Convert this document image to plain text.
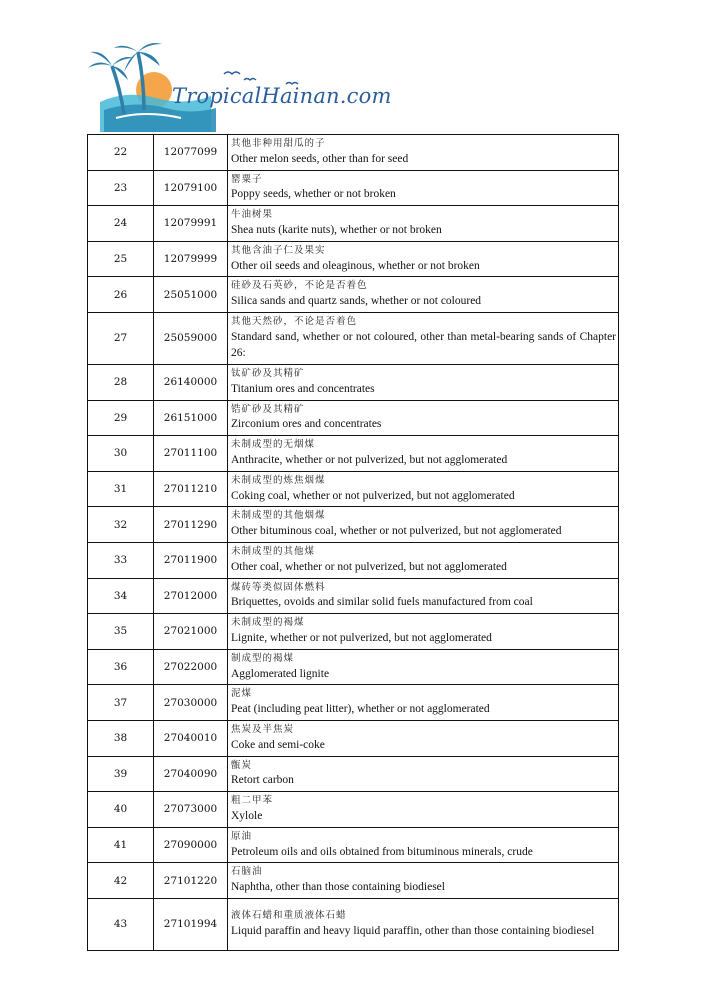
TropicalHainan.com
22	12077099	其他非种用甜瓜的子
Other melon seeds, other than for seed

23	12079100	罂粟子
Poppy seeds, whether or not broken

24	12079991	牛油树果
Shea nuts (karite nuts), whether or not broken

25	12079999	其他含油子仁及果实
Other oil seeds and oleaginous, whether or not broken

26	25051000	硅砂及石英砂，不论是否着色
Silica sands and quartz sands, whether or not coloured

27	25059000	其他天然砂，不论是否着色
Standard sand, whether or not coloured, other than metal-bearing sands of Chapter 26:

28	26140000	钛矿砂及其精矿
Titanium ores and concentrates

29	26151000	锆矿砂及其精矿
Zirconium ores and concentrates

30	27011100	未制成型的无烟煤
Anthracite, whether or not pulverized, but not agglomerated

31	27011210	未制成型的炼焦烟煤
Coking coal, whether or not pulverized, but not agglomerated

32	27011290	未制成型的其他烟煤
Other bituminous coal, whether or not pulverized, but not agglomerated

33	27011900	未制成型的其他煤
Other coal, whether or not pulverized, but not agglomerated

34	27012000	煤砖等类似固体燃料
Briquettes, ovoids and similar solid fuels manufactured from coal

35	27021000	未制成型的褐煤
Lignite, whether or not pulverized, but not agglomerated

36	27022000	制成型的褐煤
Agglomerated lignite

37	27030000	泥煤
Peat (including peat litter), whether or not agglomerated

38	27040010	焦炭及半焦炭
Coke and semi-coke

39	27040090	甑炭
Retort carbon

40	27073000	粗二甲苯
Xylole

41	27090000	原油
Petroleum oils and oils obtained from bituminous minerals, crude

42	27101220	石脑油
Naphtha, other than those containing biodiesel

43	27101994	液体石蜡和重质液体石蜡
Liquid paraffin and heavy liquid paraffin, other than those containing biodiesel
